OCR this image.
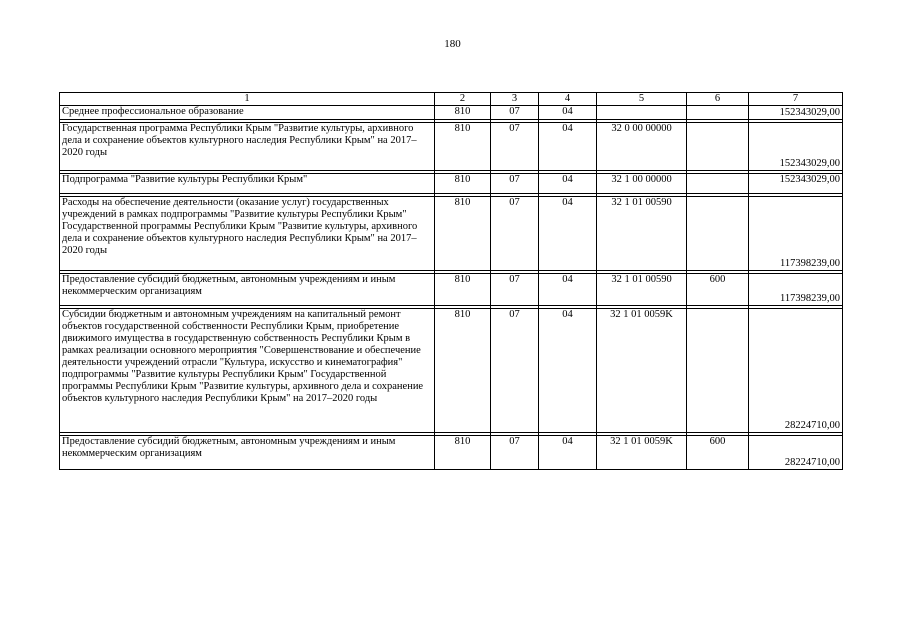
180
1	2	3	4	5	6	7
Среднее профессиональное образование	810	07	04			152343029,00

Государственная программа Республики Крым "Развитие культуры, архивного дела и сохранение объектов культурного наследия Республики Крым" на 2017–2020 годы	810	07	04	32 0 00 00000		152343029,00

Подпрограмма "Развитие культуры Республики Крым"	810	07	04	32 1 00 00000		152343029,00

Расходы на обеспечение деятельности (оказание услуг) государственных учреждений в рамках подпрограммы "Развитие культуры Республики Крым" Государственной программы Республики Крым "Развитие культуры, архивного дела и сохранение объектов культурного наследия Республики Крым" на 2017–2020 годы	810	07	04	32 1 01 00590		117398239,00

Предоставление субсидий бюджетным, автономным учреждениям и иным некоммерческим организациям	810	07	04	32 1 01 00590	600	117398239,00

Субсидии бюджетным и автономным учреждениям на капитальный ремонт объектов государственной собственности Республики Крым, приобретение движимого имущества в государственную собственность Республики Крым в рамках реализации основного мероприятия "Совершенствование и обеспечение деятельности учреждений отрасли "Культура, искусство и кинематография" подпрограммы "Развитие культуры Республики Крым" Государственной программы Республики Крым "Развитие культуры, архивного дела и сохранение объектов культурного наследия Республики Крым" на 2017–2020 годы	810	07	04	32 1 01 0059K		28224710,00

Предоставление субсидий бюджетным, автономным учреждениям и иным некоммерческим организациям	810	07	04	32 1 01 0059K	600	28224710,00
